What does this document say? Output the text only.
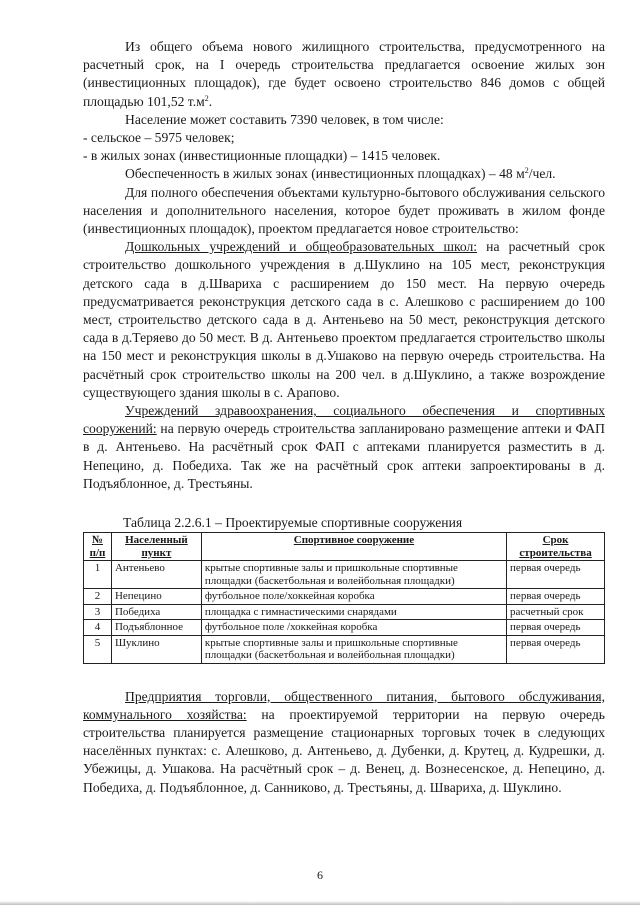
Из общего объема нового жилищного строительства, предусмотренного на расчетный срок, на I очередь строительства предлагается освоение жилых зон (инвестиционных площадок), где будет освоено строительство 846 домов с общей площадью 101,52 $т.м^2$.

Население может составить 7390 человек, в том числе:

- сельское – 5975 человек;

- в жилых зонах (инвестиционные площадки) – 1415 человек.

Обеспеченность в жилых зонах (инвестиционных площадках) – 48 $м^2$/чел.

Для полного обеспечения объектами культурно-бытового обслуживания сельского населения и дополнительного населения, которое будет проживать в жилом фонде (инвестиционных площадок), проектом предлагается новое строительство:

Дошкольных учреждений и общеобразовательных школ: на расчетный срок строительство дошкольного учреждения в д.Шуклино на 105 мест, реконструкция детского сада в д.Швариха с расширением до 150 мест. На первую очередь предусматривается реконструкция детского сада в с. Алешково с расширением до 100 мест, строительство детского сада в д. Антеньево на 50 мест, реконструкция детского сада в д.Теряево до 50 мест. В д. Антеньево проектом предлагается строительство школы на 150 мест и реконструкция школы в д.Ушаково на первую очередь строительства. На расчётный срок строительство школы на 200 чел. в д.Шуклино, а также возрождение существующего здания школы в с. Арапово.

Учреждений здравоохранения, социального обеспечения и спортивных сооружений: на первую очередь строительства запланировано размещение аптеки и ФАП в д. Антеньево. На расчётный срок ФАП с аптеками планируется разместить в д. Непецино, д. Победиха. Так же на расчётный срок аптеки запроектированы в д. Подъяблонное, д. Трестьяны.

Таблица 2.2.6.1 – Проектируемые спортивные сооружения
№ п/п	Населенный пункт	Спортивное сооружение	Срок строительства
1	Антеньево	крытые спортивные залы и пришкольные спортивные площадки (баскетбольная и волейбольная площадки)	первая очередь
2	Непецино	футбольное поле/хоккейная коробка	первая очередь
3	Победиха	площадка с гимнастическими снарядами	расчетный срок
4	Подъяблонное	футбольное поле /хоккейная коробка	первая очередь
5	Шуклино	крытые спортивные залы и пришкольные спортивные площадки (баскетбольная и волейбольная площадки)	первая очередь

Предприятия торговли, общественного питания, бытового обслуживания, коммунального хозяйства: на проектируемой территории на первую очередь строительства планируется размещение стационарных торговых точек в следующих населённых пунктах: с. Алешково, д. Антеньево, д. Дубенки, д. Крутец, д. Кудрешки, д. Убежицы, д. Ушакова. На расчётный срок – д. Венец, д. Вознесенское, д. Непецино, д. Победиха, д. Подъяблонное, д. Санниково, д. Трестьяны, д. Швариха, д. Шуклино.

6
